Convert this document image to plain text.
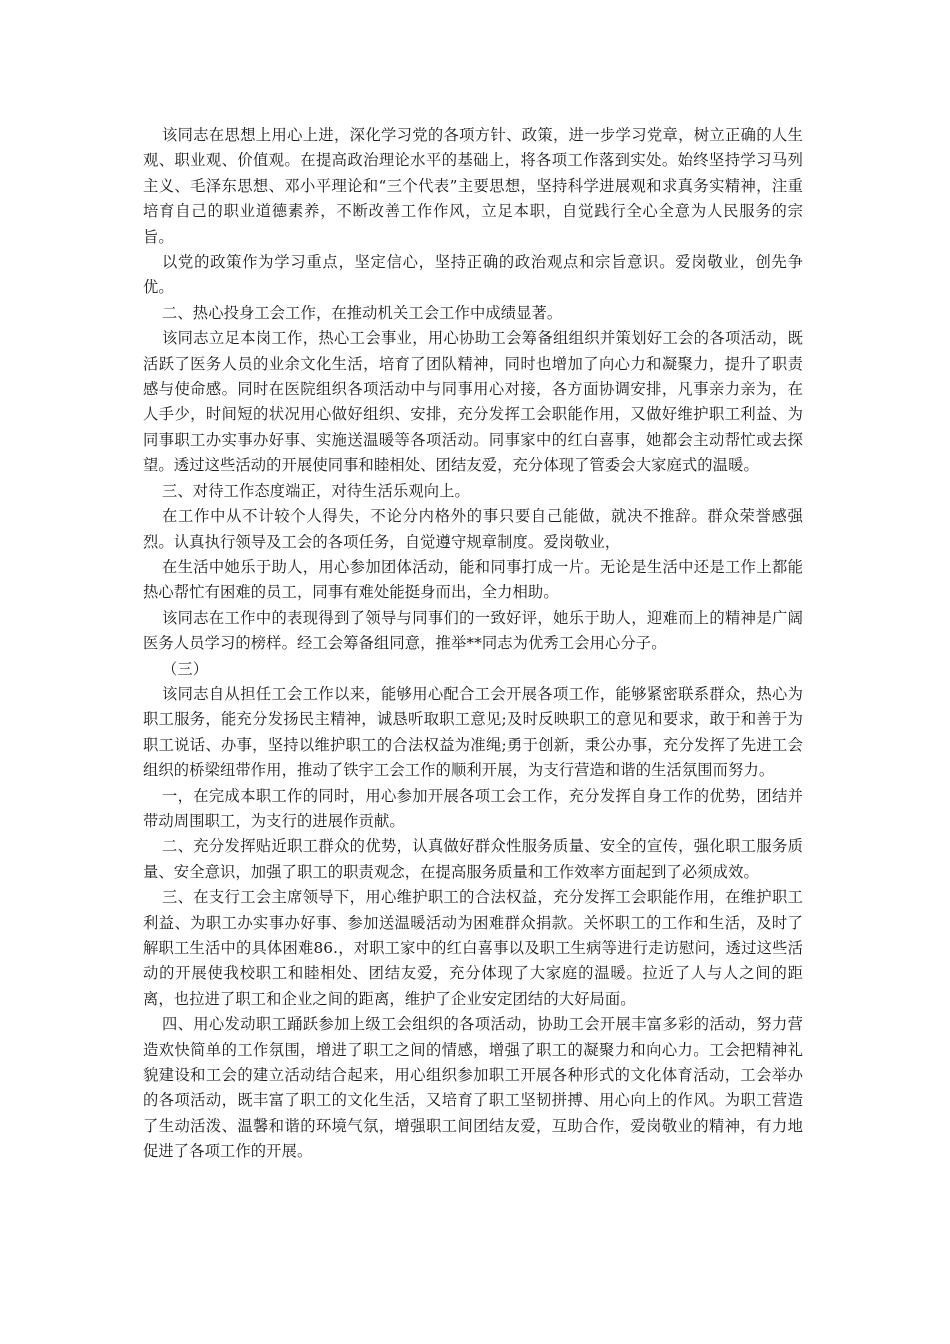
该同志在思想上用心上进，深化学习党的各项方针、政策，进一步学习党章，树立正确的人生观、职业观、价值观。在提高政治理论水平的基础上，将各项工作落到实处。始终坚持学习马列主义、毛泽东思想、邓小平理论和“三个代表”主要思想，坚持科学进展观和求真务实精神，注重培育自己的职业道德素养，不断改善工作作风，立足本职，自觉践行全心全意为人民服务的宗旨。

以党的政策作为学习重点，坚定信心，坚持正确的政治观点和宗旨意识。爱岗敬业，创先争优。

二、热心投身工会工作，在推动机关工会工作中成绩显著。

该同志立足本岗工作，热心工会事业，用心协助工会筹备组组织并策划好工会的各项活动，既活跃了医务人员的业余文化生活，培育了团队精神，同时也增加了向心力和凝聚力，提升了职责感与使命感。同时在医院组织各项活动中与同事用心对接，各方面协调安排，凡事亲力亲为，在人手少，时间短的状况用心做好组织、安排，充分发挥工会职能作用，又做好维护职工利益、为同事职工办实事办好事、实施送温暖等各项活动。同事家中的红白喜事，她都会主动帮忙或去探望。透过这些活动的开展使同事和睦相处、团结友爱，充分体现了管委会大家庭式的温暖。

三、对待工作态度端正，对待生活乐观向上。

在工作中从不计较个人得失，不论分内格外的事只要自己能做，就决不推辞。群众荣誉感强烈。认真执行领导及工会的各项任务，自觉遵守规章制度。爱岗敬业，

在生活中她乐于助人，用心参加团体活动，能和同事打成一片。无论是生活中还是工作上都能热心帮忙有困难的员工，同事有难处能挺身而出，全力相助。

该同志在工作中的表现得到了领导与同事们的一致好评，她乐于助人，迎难而上的精神是广阔医务人员学习的榜样。经工会筹备组同意，推举**同志为优秀工会用心分子。

（三）

该同志自从担任工会工作以来，能够用心配合工会开展各项工作，能够紧密联系群众，热心为职工服务，能充分发扬民主精神，诚恳听取职工意见;及时反映职工的意见和要求，敢于和善于为职工说话、办事，坚持以维护职工的合法权益为准绳;勇于创新，秉公办事，充分发挥了先进工会组织的桥梁纽带作用，推动了铁宇工会工作的顺利开展，为支行营造和谐的生活氛围而努力。

一，在完成本职工作的同时，用心参加开展各项工会工作，充分发挥自身工作的优势，团结并带动周围职工，为支行的进展作贡献。

二、充分发挥贴近职工群众的优势，认真做好群众性服务质量、安全的宣传，强化职工服务质量、安全意识，加强了职工的职责观念，在提高服务质量和工作效率方面起到了必须成效。

三、在支行工会主席领导下，用心维护职工的合法权益，充分发挥工会职能作用，在维护职工利益、为职工办实事办好事、参加送温暖活动为困难群众捐款。关怀职工的工作和生活，及时了解职工生活中的具体困难86.，对职工家中的红白喜事以及职工生病等进行走访慰问，透过这些活动的开展使我校职工和睦相处、团结友爱，充分体现了大家庭的温暖。拉近了人与人之间的距离，也拉进了职工和企业之间的距离，维护了企业安定团结的大好局面。

四、用心发动职工踊跃参加上级工会组织的各项活动，协助工会开展丰富多彩的活动，努力营造欢快简单的工作氛围，增进了职工之间的情感，增强了职工的凝聚力和向心力。工会把精神礼貌建设和工会的建立活动结合起来，用心组织参加职工开展各种形式的文化体育活动，工会举办的各项活动，既丰富了职工的文化生活，又培育了职工坚韧拼搏、用心向上的作风。为职工营造了生动活泼、温馨和谐的环境气氛，增强职工间团结友爱，互助合作，爱岗敬业的精神，有力地促进了各项工作的开展。
